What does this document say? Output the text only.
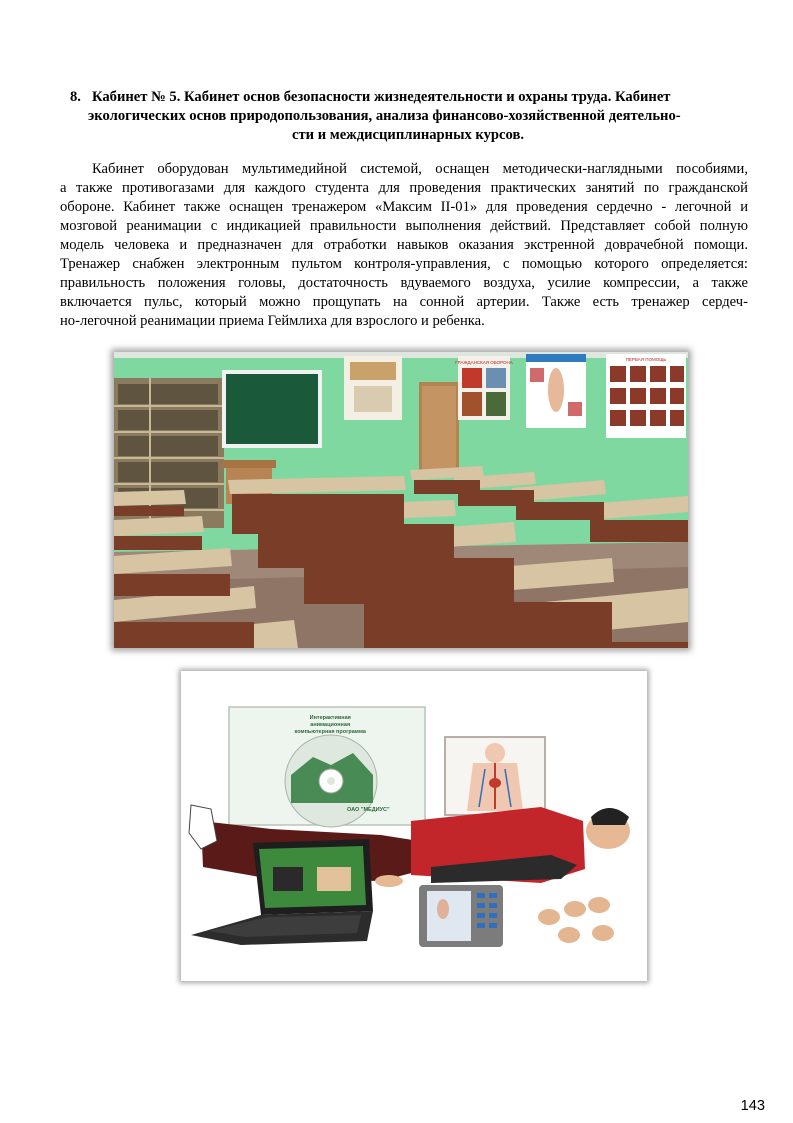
8. Кабинет № 5. Кабинет основ безопасности жизнедеятельности и охраны труда. Кабинет
экологических основ природопользования, анализа финансово-хозяйственной деятельно-
сти и междисциплинарных курсов.
Кабинет оборудован мультимедийной системой, оснащен методически-наглядными пособиями,
а также противогазами для каждого студента для проведения практических занятий по гражданской
обороне. Кабинет также оснащен тренажером «Максим II-01» для проведения сердечно - легочной и
мозговой реанимации с индикацией правильности выполнения действий. Представляет собой полную
модель человека и предназначен для отработки навыков оказания экстренной доврачебной помощи.
Тренажер снабжен электронным пультом контроля-управления, с помощью которого определяется:
правильность положения головы, достаточность вдуваемого воздуха, усилие компрессии, а также
включается пульс, который можно прощупать на сонной артерии. Также есть тренажер сердеч-
но-легочной реанимации приема Геймлиха для взрослого и ребенка.
ГРАЖДАНСКАЯ ОБОРОНА
ПЕРВАЯ ПОМОЩЬ
Интерактивная анимационная компьютерная программа
ОАО "МЕДИУС"
143
